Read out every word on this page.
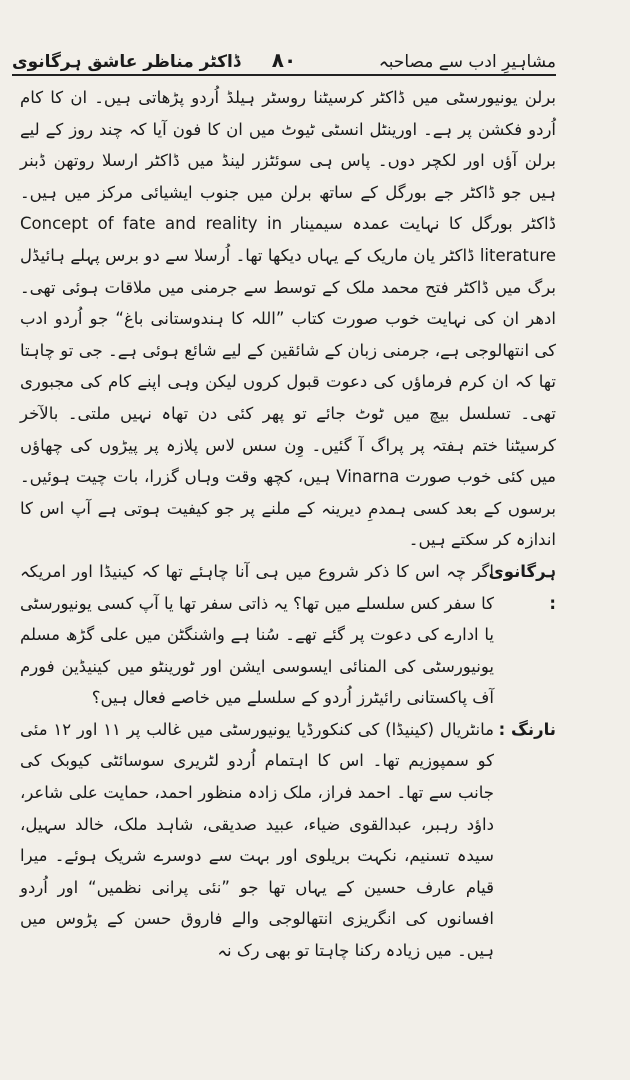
ڈاکٹر مناظر عاشق ہرگانوی ۸۰	مشاہیرِ ادب سے مصاحبہ

برلن یونیورسٹی میں ڈاکٹر کرسیٹنا روسٹر ہیلڈ اُردو پڑھاتی ہیں۔ ان کا کام اُردو فکشن پر ہے۔ اورینٹل انسٹی ٹیوٹ میں ان کا فون آیا کہ چند روز کے لیے برلن آؤں اور لکچر دوں۔ پاس ہی سوئٹزر لینڈ میں ڈاکٹر ارسلا روتھن ڈبنر ہیں جو ڈاکٹر جے بورگل کے ساتھ برلن میں جنوب ایشیائی مرکز میں ہیں۔ ڈاکٹر بورگل کا نہایت عمدہ سیمینار Concept of fate and reality in literature ڈاکٹر یان ماریک کے یہاں دیکھا تھا۔ اُرسلا سے دو برس پہلے ہائیڈل برگ میں ڈاکٹر فتح محمد ملک کے توسط سے جرمنی میں ملاقات ہوئی تھی۔ ادھر ان کی نہایت خوب صورت کتاب ”اللہ کا ہندوستانی باغ“ جو اُردو ادب کی انتھالوجی ہے، جرمنی زبان کے شائقین کے لیے شائع ہوئی ہے۔ جی تو چاہتا تھا کہ ان کرم فرماؤں کی دعوت قبول کروں لیکن وہی اپنے کام کی مجبوری تھی۔ تسلسل بیچ میں ٹوٹ جائے تو پھر کئی دن تھاہ نہیں ملتی۔ بالآخر کرسیٹنا ختم ہفتہ پر پراگ آ گئیں۔ وِن سس لاس پلازہ پر پیڑوں کی چھاؤں میں کئی خوب صورت Vinarna ہیں، کچھ وقت وہاں گزرا، بات چیت ہوئیں۔ برسوں کے بعد کسی ہمدمِ دیرینہ کے ملنے پر جو کیفیت ہوتی ہے آپ اس کا اندازہ کر سکتے ہیں۔

ہرگانوی :
اگر چہ اس کا ذکر شروع میں ہی آنا چاہئے تھا کہ کینیڈا اور امریکہ کا سفر کس سلسلے میں تھا؟ یہ ذاتی سفر تھا یا آپ کسی یونیورسٹی یا ادارے کی دعوت پر گئے تھے۔ سُنا ہے واشنگٹن میں علی گڑھ مسلم یونیورسٹی کی المنائی ایسوسی ایشن اور ٹورینٹو میں کینیڈین فورم آف پاکستانی رائیٹرز اُردو کے سلسلے میں خاصے فعال ہیں؟
نارنگ :
مانٹریال (کینیڈا) کی کنکورڈیا یونیورسٹی میں غالب پر ۱۱ اور ۱۲ مئی کو سمپوزیم تھا۔ اس کا اہتمام اُردو لٹریری سوسائٹی کیوبک کی جانب سے تھا۔ احمد فراز، ملک زادہ منظور احمد، حمایت علی شاعر، داؤد رہبر، عبدالقوی ضیاء، عبید صدیقی، شاہد ملک، خالد سہیل، سیدہ تسنیم، نکہت بریلوی اور بہت سے دوسرے شریک ہوئے۔ میرا قیام عارف حسین کے یہاں تھا جو ”نئی پرانی نظمیں“ اور اُردو افسانوں کی انگریزی انتھالوجی والے فاروق حسن کے پڑوس میں ہیں۔ میں زیادہ رکنا چاہتا تو بھی رک نہ
